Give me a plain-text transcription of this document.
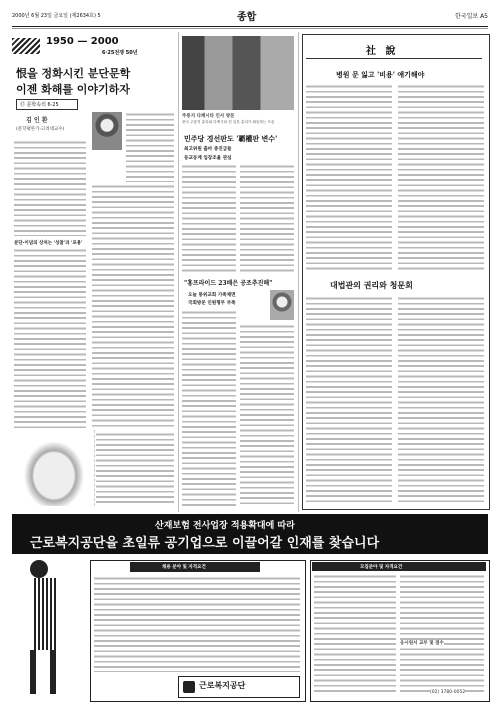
2000년 6월 23일 금요일 (제2634호) 5	종합	한국일보 A5
1950 — 2000
6·25전쟁 50년
恨을 정화시킨 분단문학
이젠 화해를 이야기하자
⑰ 문학속의 6·25
김 인 환
(문학평론가·고려대교수)
분단·이념의 상처는 '성찰'과 '포용'
주룽지 다케시타 인사 방문
중국 주룽지 총리와 다케시타 전 일본 총리가 회동하는 모습
민주당 경선판도 '覇權판 변수'
최고위원 출마 중진급들
동교동계 입장조율 관심
"홍프라이드 23배은 공조추진해"
오늘 통위교회 가족체면
국회방문 인원형무 부족
社 說
병원 문 잃고 '비용' 얘기해야
대법관의 권리와 청문회
산재보험 전사업장 적용확대에 따라
근로복지공단을 초일류 공기업으로 이끌어갈 인재를 찾습니다
채용 분야 및 자격요건
근로복지공단
모집분야 및 자격요건
응시원서 교부 및 접수
(02) 3780-0052
